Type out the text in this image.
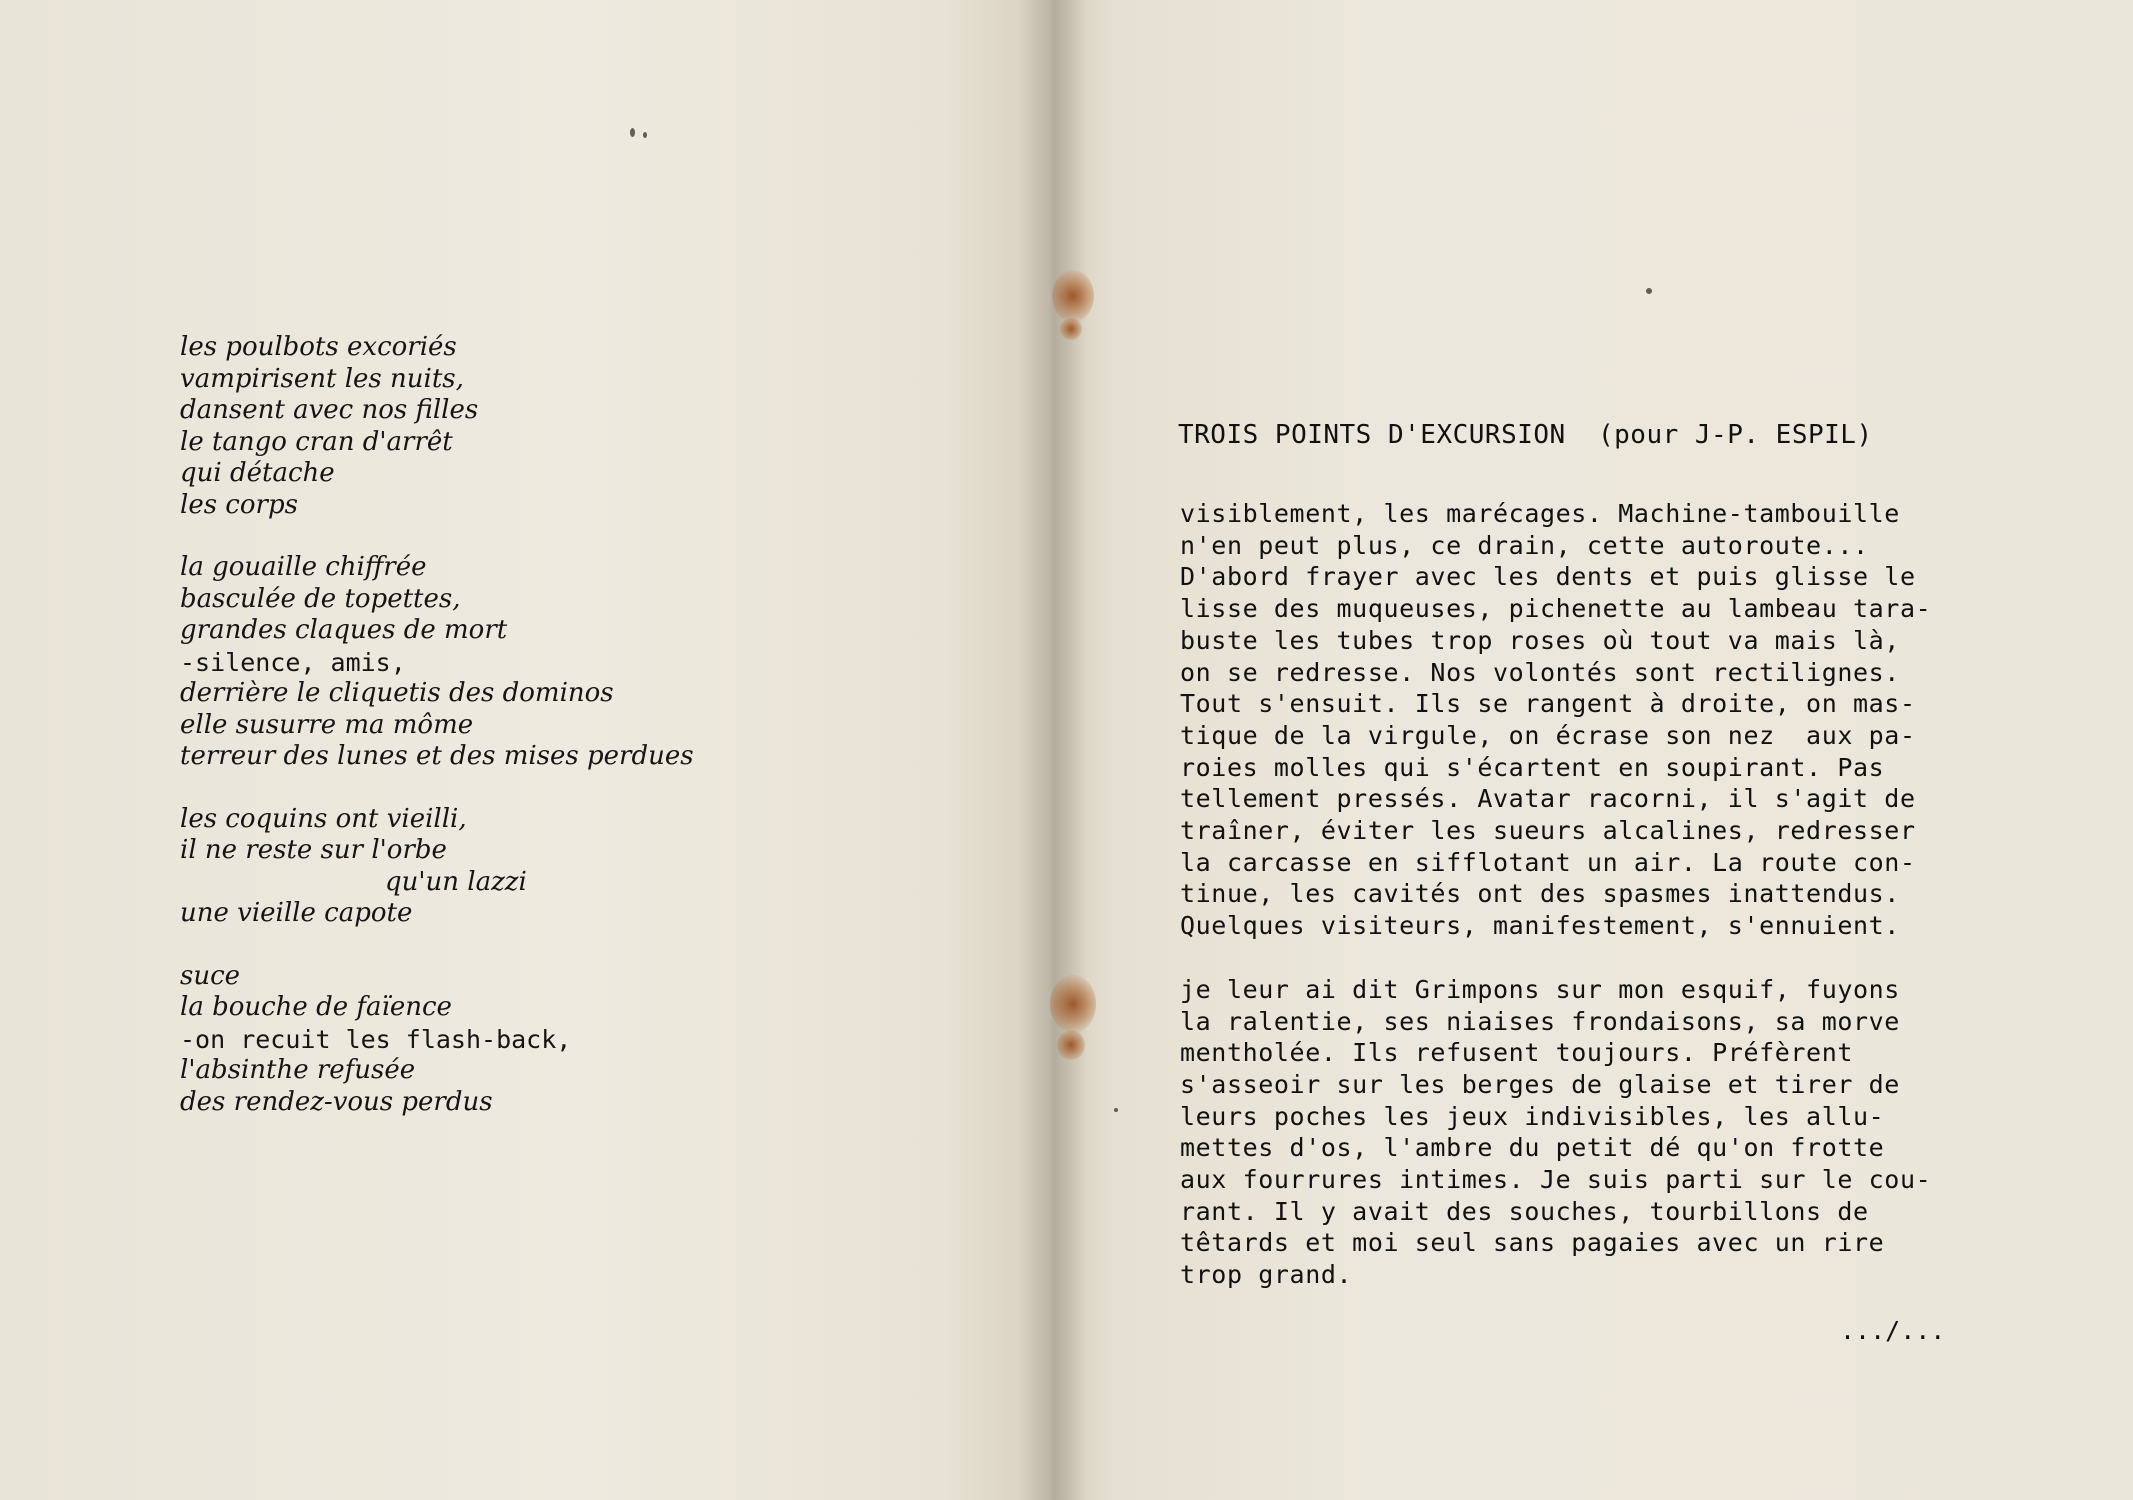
les poulbots excoriés
vampirisent les nuits,
dansent avec nos filles
le tango cran d'arrêt
qui détache
les corps
la gouaille chiffrée
basculée de topettes,
grandes claques de mort
-silence, amis,
derrière le cliquetis des dominos
elle susurre ma môme
terreur des lunes et des mises perdues
les coquins ont vieilli,
il ne reste sur l'orbe
qu'un lazzi
une vieille capote
suce
la bouche de faïence
-on recuit les flash-back,
l'absinthe refusée
des rendez-vous perdus
TROIS POINTS D'EXCURSION  (pour J-P. ESPIL)
visiblement, les marécages. Machine-tambouille
n'en peut plus, ce drain, cette autoroute...
D'abord frayer avec les dents et puis glisse le
lisse des muqueuses, pichenette au lambeau tara-
buste les tubes trop roses où tout va mais là,
on se redresse. Nos volontés sont rectilignes.
Tout s'ensuit. Ils se rangent à droite, on mas-
tique de la virgule, on écrase son nez  aux pa-
roies molles qui s'écartent en soupirant. Pas
tellement pressés. Avatar racorni, il s'agit de
traîner, éviter les sueurs alcalines, redresser
la carcasse en sifflotant un air. La route con-
tinue, les cavités ont des spasmes inattendus.
Quelques visiteurs, manifestement, s'ennuient.
je leur ai dit Grimpons sur mon esquif, fuyons
la ralentie, ses niaises frondaisons, sa morve
mentholée. Ils refusent toujours. Préfèrent
s'asseoir sur les berges de glaise et tirer de
leurs poches les jeux indivisibles, les allu-
mettes d'os, l'ambre du petit dé qu'on frotte
aux fourrures intimes. Je suis parti sur le cou-
rant. Il y avait des souches, tourbillons de
têtards et moi seul sans pagaies avec un rire
trop grand.
.../...
